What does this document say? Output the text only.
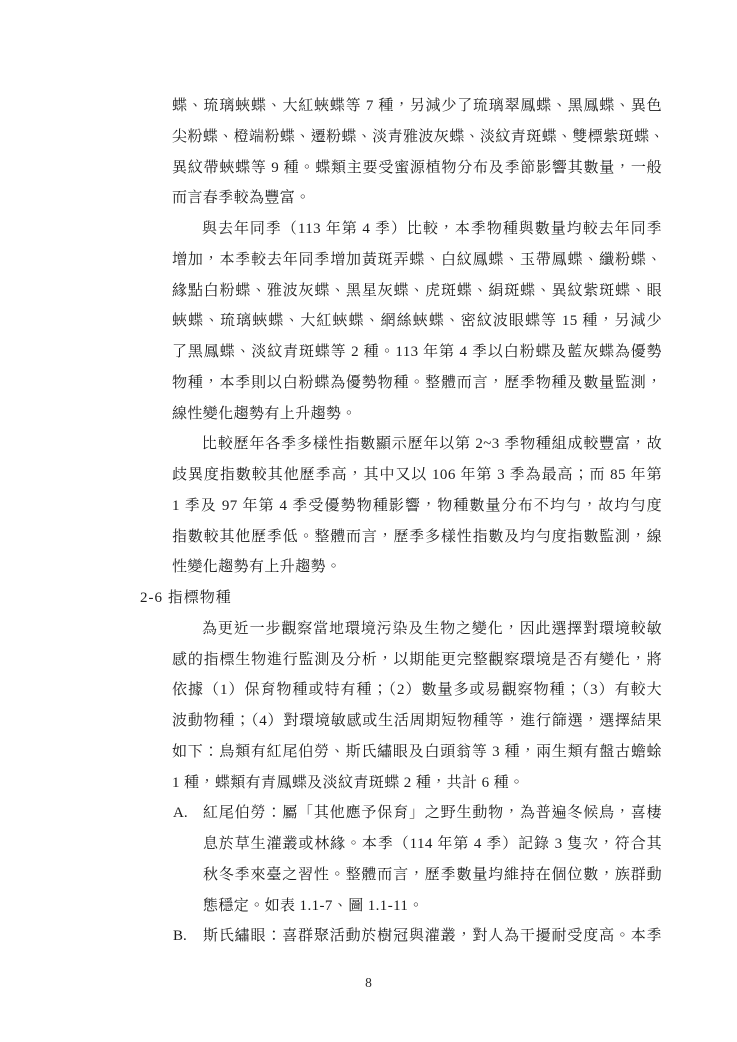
蝶、琉璃蛺蝶、大紅蛺蝶等 7 種，另減少了琉璃翠鳳蝶、黑鳳蝶、異色
尖粉蝶、橙端粉蝶、遷粉蝶、淡青雅波灰蝶、淡紋青斑蝶、雙標紫斑蝶、
異紋帶蛺蝶等 9 種。蝶類主要受蜜源植物分布及季節影響其數量，一般
而言春季較為豐富。
與去年同季（113 年第 4 季）比較，本季物種與數量均較去年同季
增加，本季較去年同季增加黃斑弄蝶、白紋鳳蝶、玉帶鳳蝶、纖粉蝶、
緣點白粉蝶、雅波灰蝶、黑星灰蝶、虎斑蝶、絹斑蝶、異紋紫斑蝶、眼
蛺蝶、琉璃蛺蝶、大紅蛺蝶、網絲蛺蝶、密紋波眼蝶等 15 種，另減少
了黑鳳蝶、淡紋青斑蝶等 2 種。113 年第 4 季以白粉蝶及藍灰蝶為優勢
物種，本季則以白粉蝶為優勢物種。整體而言，歷季物種及數量監測，
線性變化趨勢有上升趨勢。
比較歷年各季多樣性指數顯示歷年以第 2~3 季物種組成較豐富，故
歧異度指數較其他歷季高，其中又以 106 年第 3 季為最高；而 85 年第
1 季及 97 年第 4 季受優勢物種影響，物種數量分布不均勻，故均勻度
指數較其他歷季低。整體而言，歷季多樣性指數及均勻度指數監測，線
性變化趨勢有上升趨勢。
2-6 指標物種
為更近一步觀察當地環境污染及生物之變化，因此選擇對環境較敏
感的指標生物進行監測及分析，以期能更完整觀察環境是否有變化，將
依據（1）保育物種或特有種；（2）數量多或易觀察物種；（3）有較大
波動物種；（4）對環境敏感或生活周期短物種等，進行篩選，選擇結果
如下：鳥類有紅尾伯勞、斯氏繡眼及白頭翁等 3 種，兩生類有盤古蟾蜍
1 種，蝶類有青鳳蝶及淡紋青斑蝶 2 種，共計 6 種。
A. 紅尾伯勞：屬「其他應予保育」之野生動物，為普遍冬候鳥，喜棲
息於草生灌叢或林緣。本季（114 年第 4 季）記錄 3 隻次，符合其
秋冬季來臺之習性。整體而言，歷季數量均維持在個位數，族群動
態穩定。如表 1.1-7、圖 1.1-11。
B. 斯氏繡眼：喜群聚活動於樹冠與灌叢，對人為干擾耐受度高。本季
8
